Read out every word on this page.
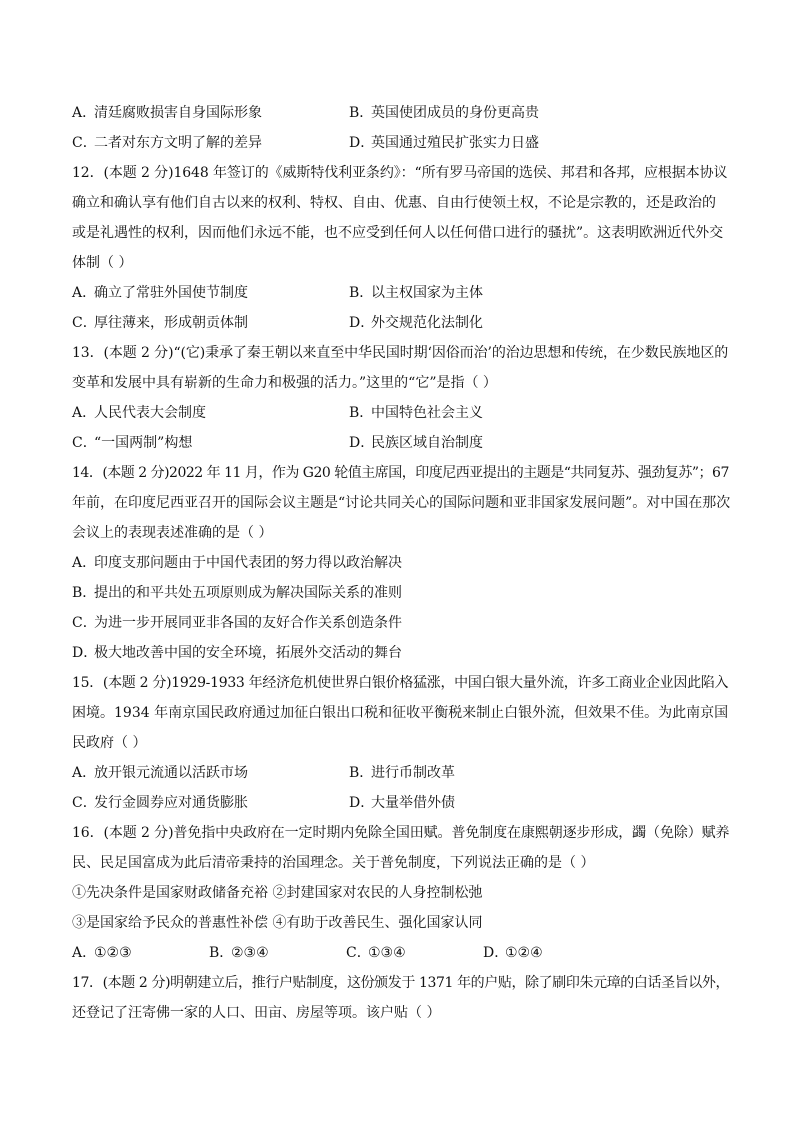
A．清廷腐败损害自身国际形象	B．英国使团成员的身份更高贵
C．二者对东方文明了解的差异	D．英国通过殖民扩张实力日盛
12．(本题 2 分)1648 年签订的《威斯特伐利亚条约》：“所有罗马帝国的选侯、邦君和各邦，应根据本协议
确立和确认享有他们自古以来的权利、特权、自由、优惠、自由行使领土权，不论是宗教的，还是政治的
或是礼遇性的权利，因而他们永远不能，也不应受到任何人以任何借口进行的骚扰”。这表明欧洲近代外交
体制（ ）
A．确立了常驻外国使节制度	B．以主权国家为主体
C．厚往薄来，形成朝贡体制	D．外交规范化法制化
13．(本题 2 分)“(它)秉承了秦王朝以来直至中华民国时期‘因俗而治’的治边思想和传统，在少数民族地区的
变革和发展中具有崭新的生命力和极强的活力。”这里的“它”是指（ ）
A．人民代表大会制度	B．中国特色社会主义
C．“一国两制”构想	D．民族区域自治制度
14．(本题 2 分)2022 年 11 月，作为 G20 轮值主席国，印度尼西亚提出的主题是“共同复苏、强劲复苏”；67
年前，在印度尼西亚召开的国际会议主题是“讨论共同关心的国际问题和亚非国家发展问题”。对中国在那次
会议上的表现表述准确的是（ ）
A．印度支那问题由于中国代表团的努力得以政治解决
B．提出的和平共处五项原则成为解决国际关系的准则
C．为进一步开展同亚非各国的友好合作关系创造条件
D．极大地改善中国的安全环境，拓展外交活动的舞台
15．(本题 2 分)1929-1933 年经济危机使世界白银价格猛涨，中国白银大量外流，许多工商业企业因此陷入
困境。1934 年南京国民政府通过加征白银出口税和征收平衡税来制止白银外流，但效果不佳。为此南京国
民政府（ ）
A．放开银元流通以活跃市场	B．进行币制改革
C．发行金圆券应对通货膨胀	D．大量举借外债
16．(本题 2 分)普免指中央政府在一定时期内免除全国田赋。普免制度在康熙朝逐步形成，蠲（免除）赋养
民、民足国富成为此后清帝秉持的治国理念。关于普免制度，下列说法正确的是（ ）
①先决条件是国家财政储备充裕 ②封建国家对农民的人身控制松弛
③是国家给予民众的普惠性补偿 ④有助于改善民生、强化国家认同
A．①②③	B．②③④	C．①③④	D．①②④
17．(本题 2 分)明朝建立后，推行户贴制度，这份颁发于 1371 年的户贴，除了刷印朱元璋的白话圣旨以外，
还登记了汪寄佛一家的人口、田亩、房屋等项。该户贴（ ）
